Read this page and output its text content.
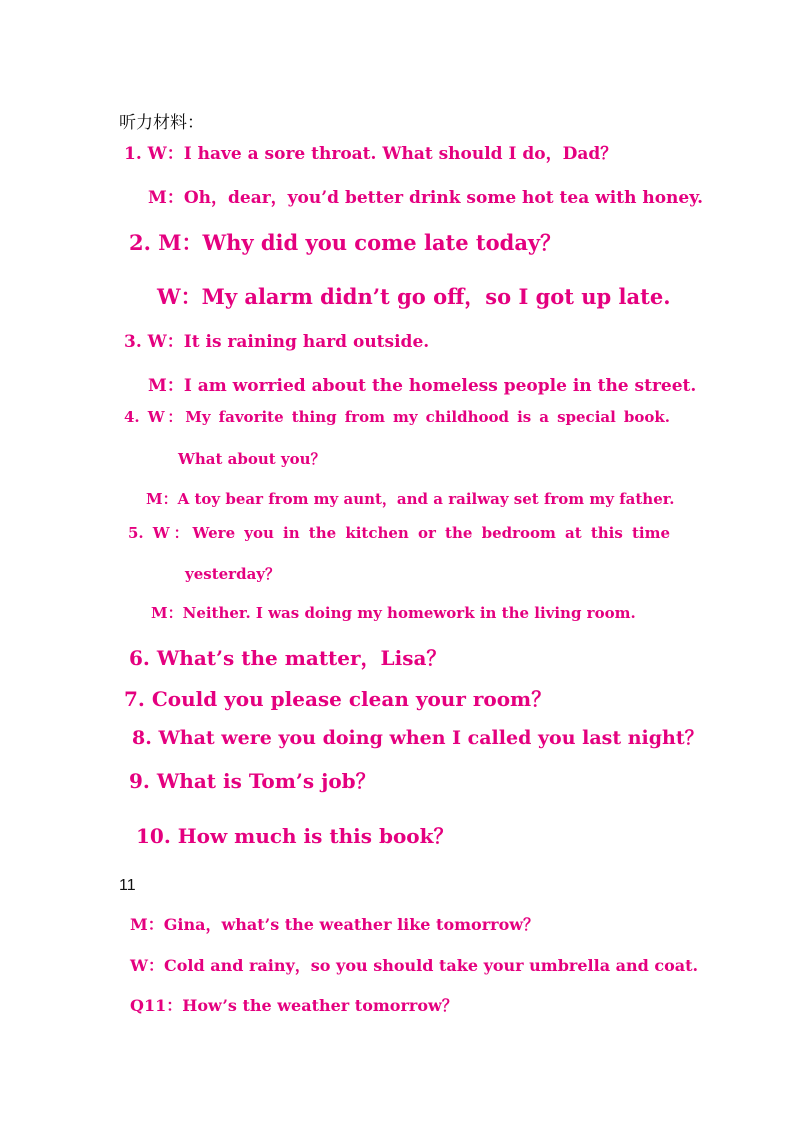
听力材料：
1. W：I have a sore throat. What should I do，Dad？
M：Oh，dear，you’d better drink some hot tea with honey.
2. M：Why did you come late today？
W：My alarm didn’t go off，so I got up late.
3. W：It is raining hard outside.
M：I am worried about the homeless people in the street.
4. W：My favorite thing from my childhood is a special book.
What about you？
M：A toy bear from my aunt，and a railway set from my father.
5. W：Were you in the kitchen or the bedroom at this time
yesterday？
M：Neither. I was doing my homework in the living room.
6. What’s the matter，Lisa？
7. Could you please clean your room？
8. What were you doing when I called you last night？
9. What is Tom’s job？
10. How much is this book？
11
M：Gina，what’s the weather like tomorrow？
W：Cold and rainy，so you should take your umbrella and coat.
Q11：How’s the weather tomorrow？
